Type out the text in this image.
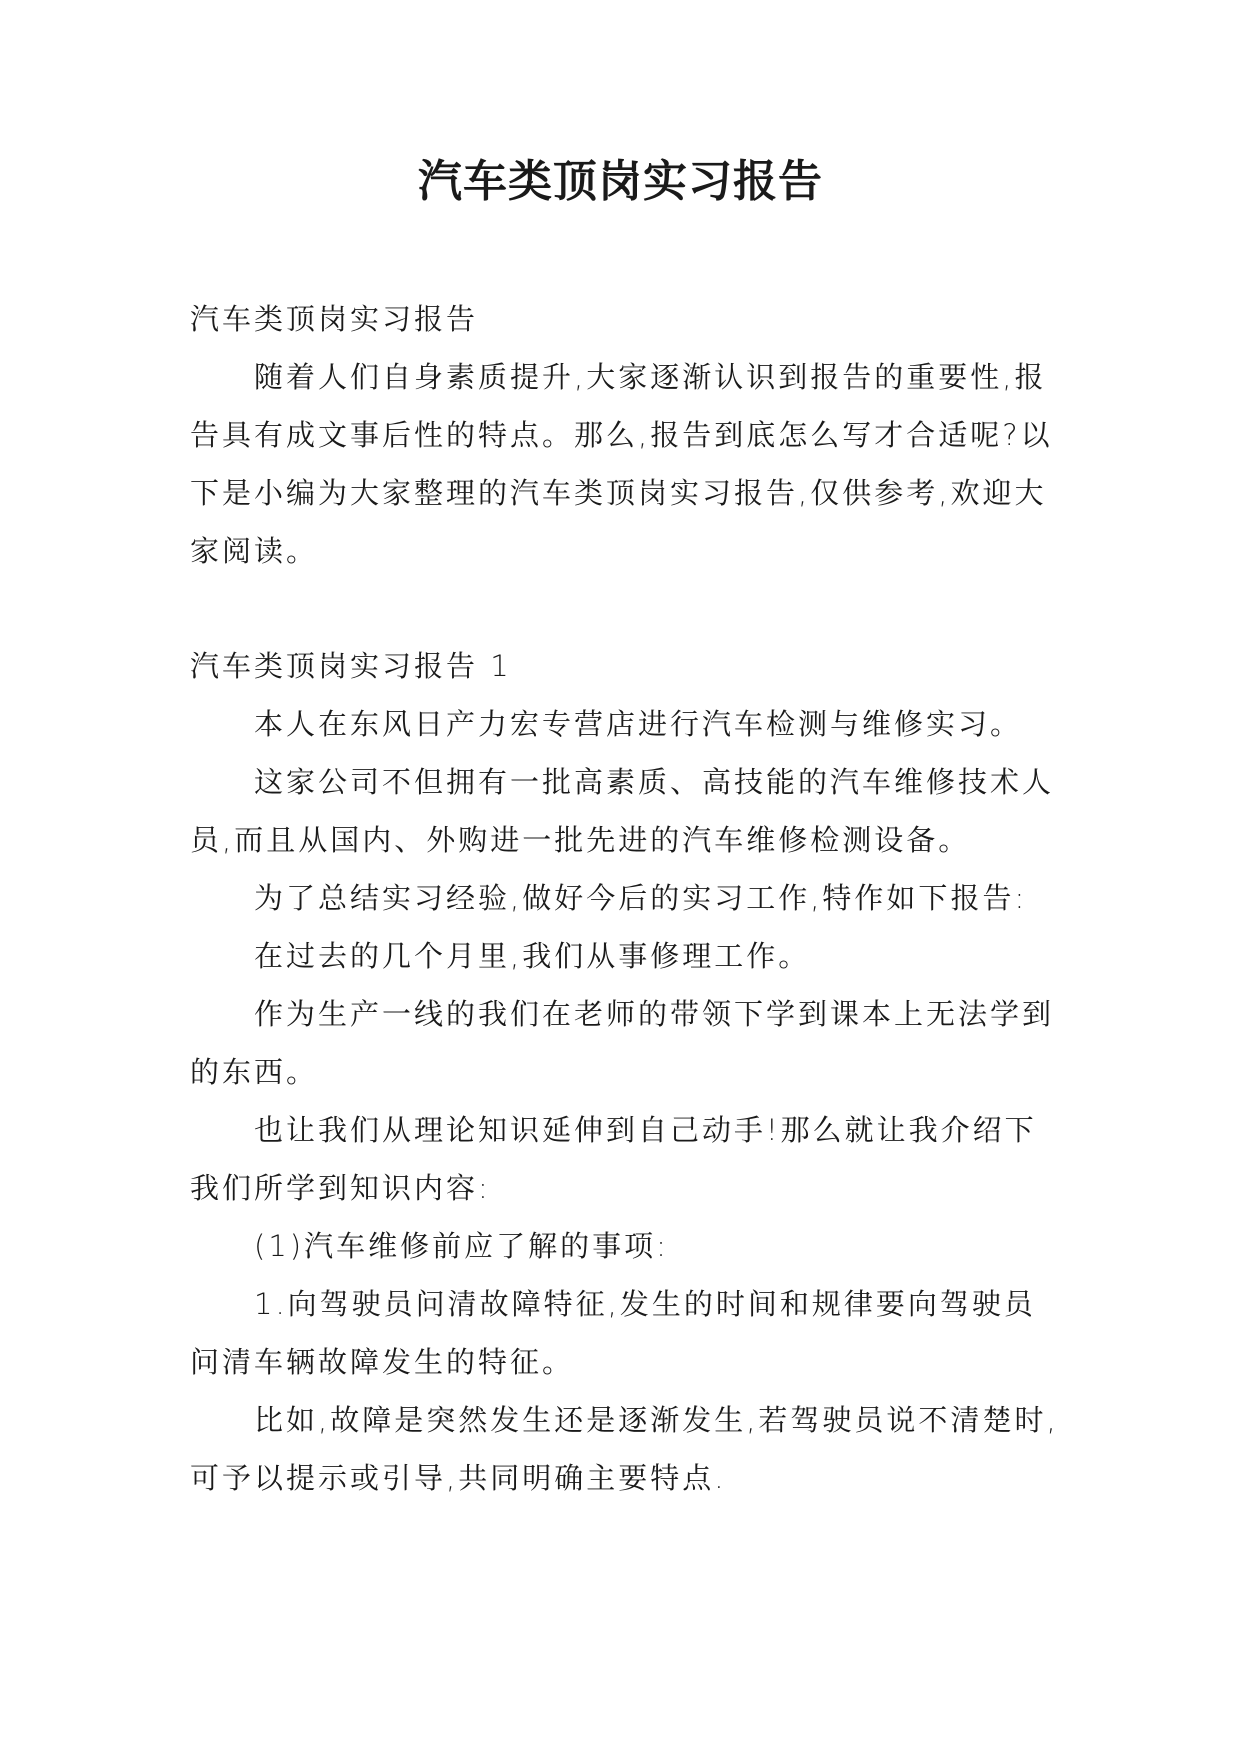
汽车类顶岗实习报告

汽车类顶岗实习报告

随着人们自身素质提升,大家逐渐认识到报告的重要性,报告具有成文事后性的特点。那么,报告到底怎么写才合适呢?以下是小编为大家整理的汽车类顶岗实习报告,仅供参考,欢迎大家阅读。

汽车类顶岗实习报告 1

本人在东风日产力宏专营店进行汽车检测与维修实习。

这家公司不但拥有一批高素质、高技能的汽车维修技术人员,而且从国内、外购进一批先进的汽车维修检测设备。

为了总结实习经验,做好今后的实习工作,特作如下报告:

在过去的几个月里,我们从事修理工作。

作为生产一线的我们在老师的带领下学到课本上无法学到的东西。

也让我们从理论知识延伸到自己动手!那么就让我介绍下我们所学到知识内容:

(1)汽车维修前应了解的事项:

1.向驾驶员问清故障特征,发生的时间和规律要向驾驶员问清车辆故障发生的特征。

比如,故障是突然发生还是逐渐发生,若驾驶员说不清楚时,可予以提示或引导,共同明确主要特点.
